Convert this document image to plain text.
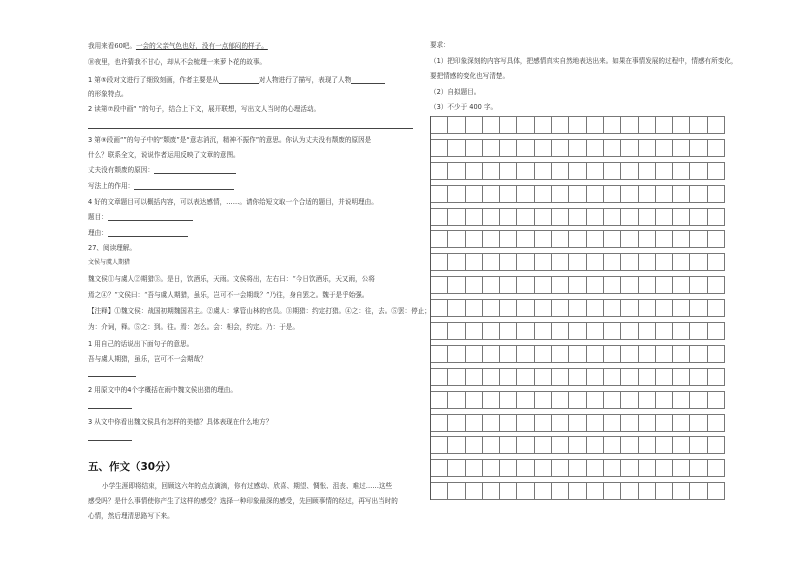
我用来看60吧。一会的父亲气色也好，没有一点郁闷的样子。
⑩夜里，也许猜我不甘心，却从不会梳理一来萝卜花的故事。
1 第⑤段对文进行了细致刻画，作者主要是从	对人物进行了描写，表现了人物
的形象特点。
2 读第⑦段中画“ ”的句子，结合上下文，展开联想，写出文人当时的心理活动。
3 第⑨段画“”的句子中的“颓废”是“意志消沉，精神不振作”的意思。你认为丈夫没有颓废的原因是
什么？联系全文，说说作者运用反映了文章的意图。
丈夫没有颓废的原因：
写法上的作用：
4 好的文章题目可以概括内容，可以表达感情，……。请你给短文取一个合适的题目，并说明理由。
题目：
理由：
27、阅读理解。
文侯与虞人期猎
魏文侯①与虞人②期猎③。是日，饮酒乐，天雨。文侯将出，左右曰：“今日饮酒乐，天又雨，公将
焉之④？”文侯曰：“吾与虞人期猎，虽乐，岂可不一会期哉？”乃往，身自罢之。魏于是乎始强。
【注释】①魏文侯：战国初期魏国君主。②虞人：掌管山林的官员。③期猎：约定打猎。④之：往，去。⑤罢：停止；
为：介词，释。⑤之：到。往。焉：怎么。会：相会，约定。乃：于是。
1 用自己的话说出下面句子的意思。
吾与虞人期猎，虽乐，岂可不一会期哉？
2 用原文中的4个字概括在雨中魏文侯出猎的理由。
3 从文中你看出魏文侯具有怎样的美德？具体表现在什么地方？
五、作文（30分）
小学生涯即将结束，回顾这六年的点点滴滴，你有过感动、欣喜、期望、惆怅、沮丧、难过……这些
感受吗？是什么事情使你产生了这样的感受？选择一种印象最深的感受，先回顾事情的经过，再写出当时的
心情，然后理清思路写下来。
要求：
（1）把印象深刻的内容写具体，把感情真实自然地表达出来。如果在事情发展的过程中，情感有所变化，
要把情感的变化也写清楚。
（2）自拟题目。
（3）不少于 400 字。
